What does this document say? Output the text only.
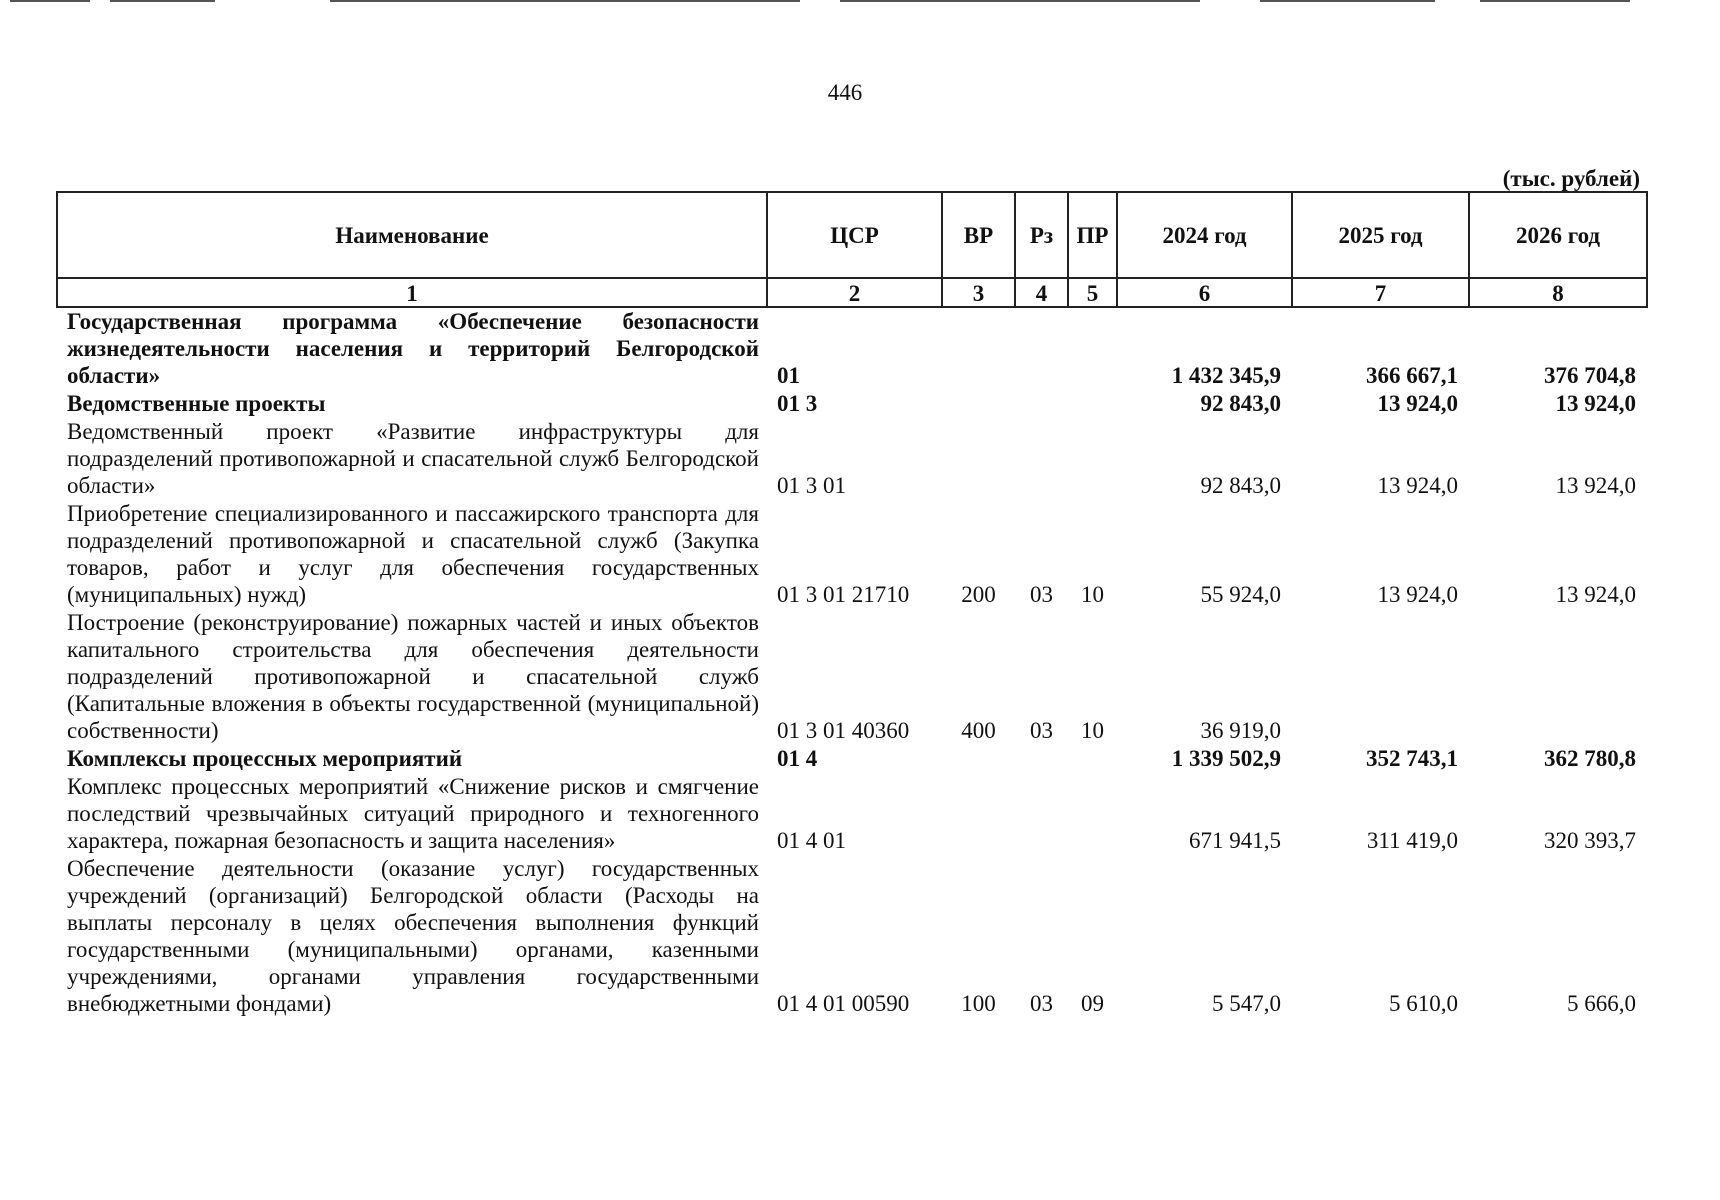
446
(тыс. рублей)
Наименование	ЦСР	ВР	Рз	ПР	2024 год	2025 год	2026 год
1	2	3	4	5	6	7	8
Государственная программа «Обеспечение безопасности жизнедеятельности населения и территорий Белгородской области»	01				1 432 345,9	366 667,1	376 704,8
Ведомственные проекты	01 3				92 843,0	13 924,0	13 924,0
Ведомственный проект «Развитие инфраструктуры для подразделений противопожарной и спасательной служб Белгородской области»	01 3 01				92 843,0	13 924,0	13 924,0
Приобретение специализированного и пассажирского транспорта для подразделений противопожарной и спасательной служб (Закупка товаров, работ и услуг для обеспечения государственных (муниципальных) нужд)	01 3 01 21710	200	03	10	55 924,0	13 924,0	13 924,0
Построение (реконструирование) пожарных частей и иных объектов капитального строительства для обеспечения деятельности подразделений противопожарной и спасательной служб (Капитальные вложения в объекты государственной (муниципальной) собственности)	01 3 01 40360	400	03	10	36 919,0		
Комплексы процессных мероприятий	01 4				1 339 502,9	352 743,1	362 780,8
Комплекс процессных мероприятий «Снижение рисков и смягчение последствий чрезвычайных ситуаций природного и техногенного характера, пожарная безопасность и защита населения»	01 4 01				671 941,5	311 419,0	320 393,7
Обеспечение деятельности (оказание услуг) государственных учреждений (организаций) Белгородской области (Расходы на выплаты персоналу в целях обеспечения выполнения функций государственными (муниципальными) органами, казенными учреждениями, органами управления государственными внебюджетными фондами)	01 4 01 00590	100	03	09	5 547,0	5 610,0	5 666,0
